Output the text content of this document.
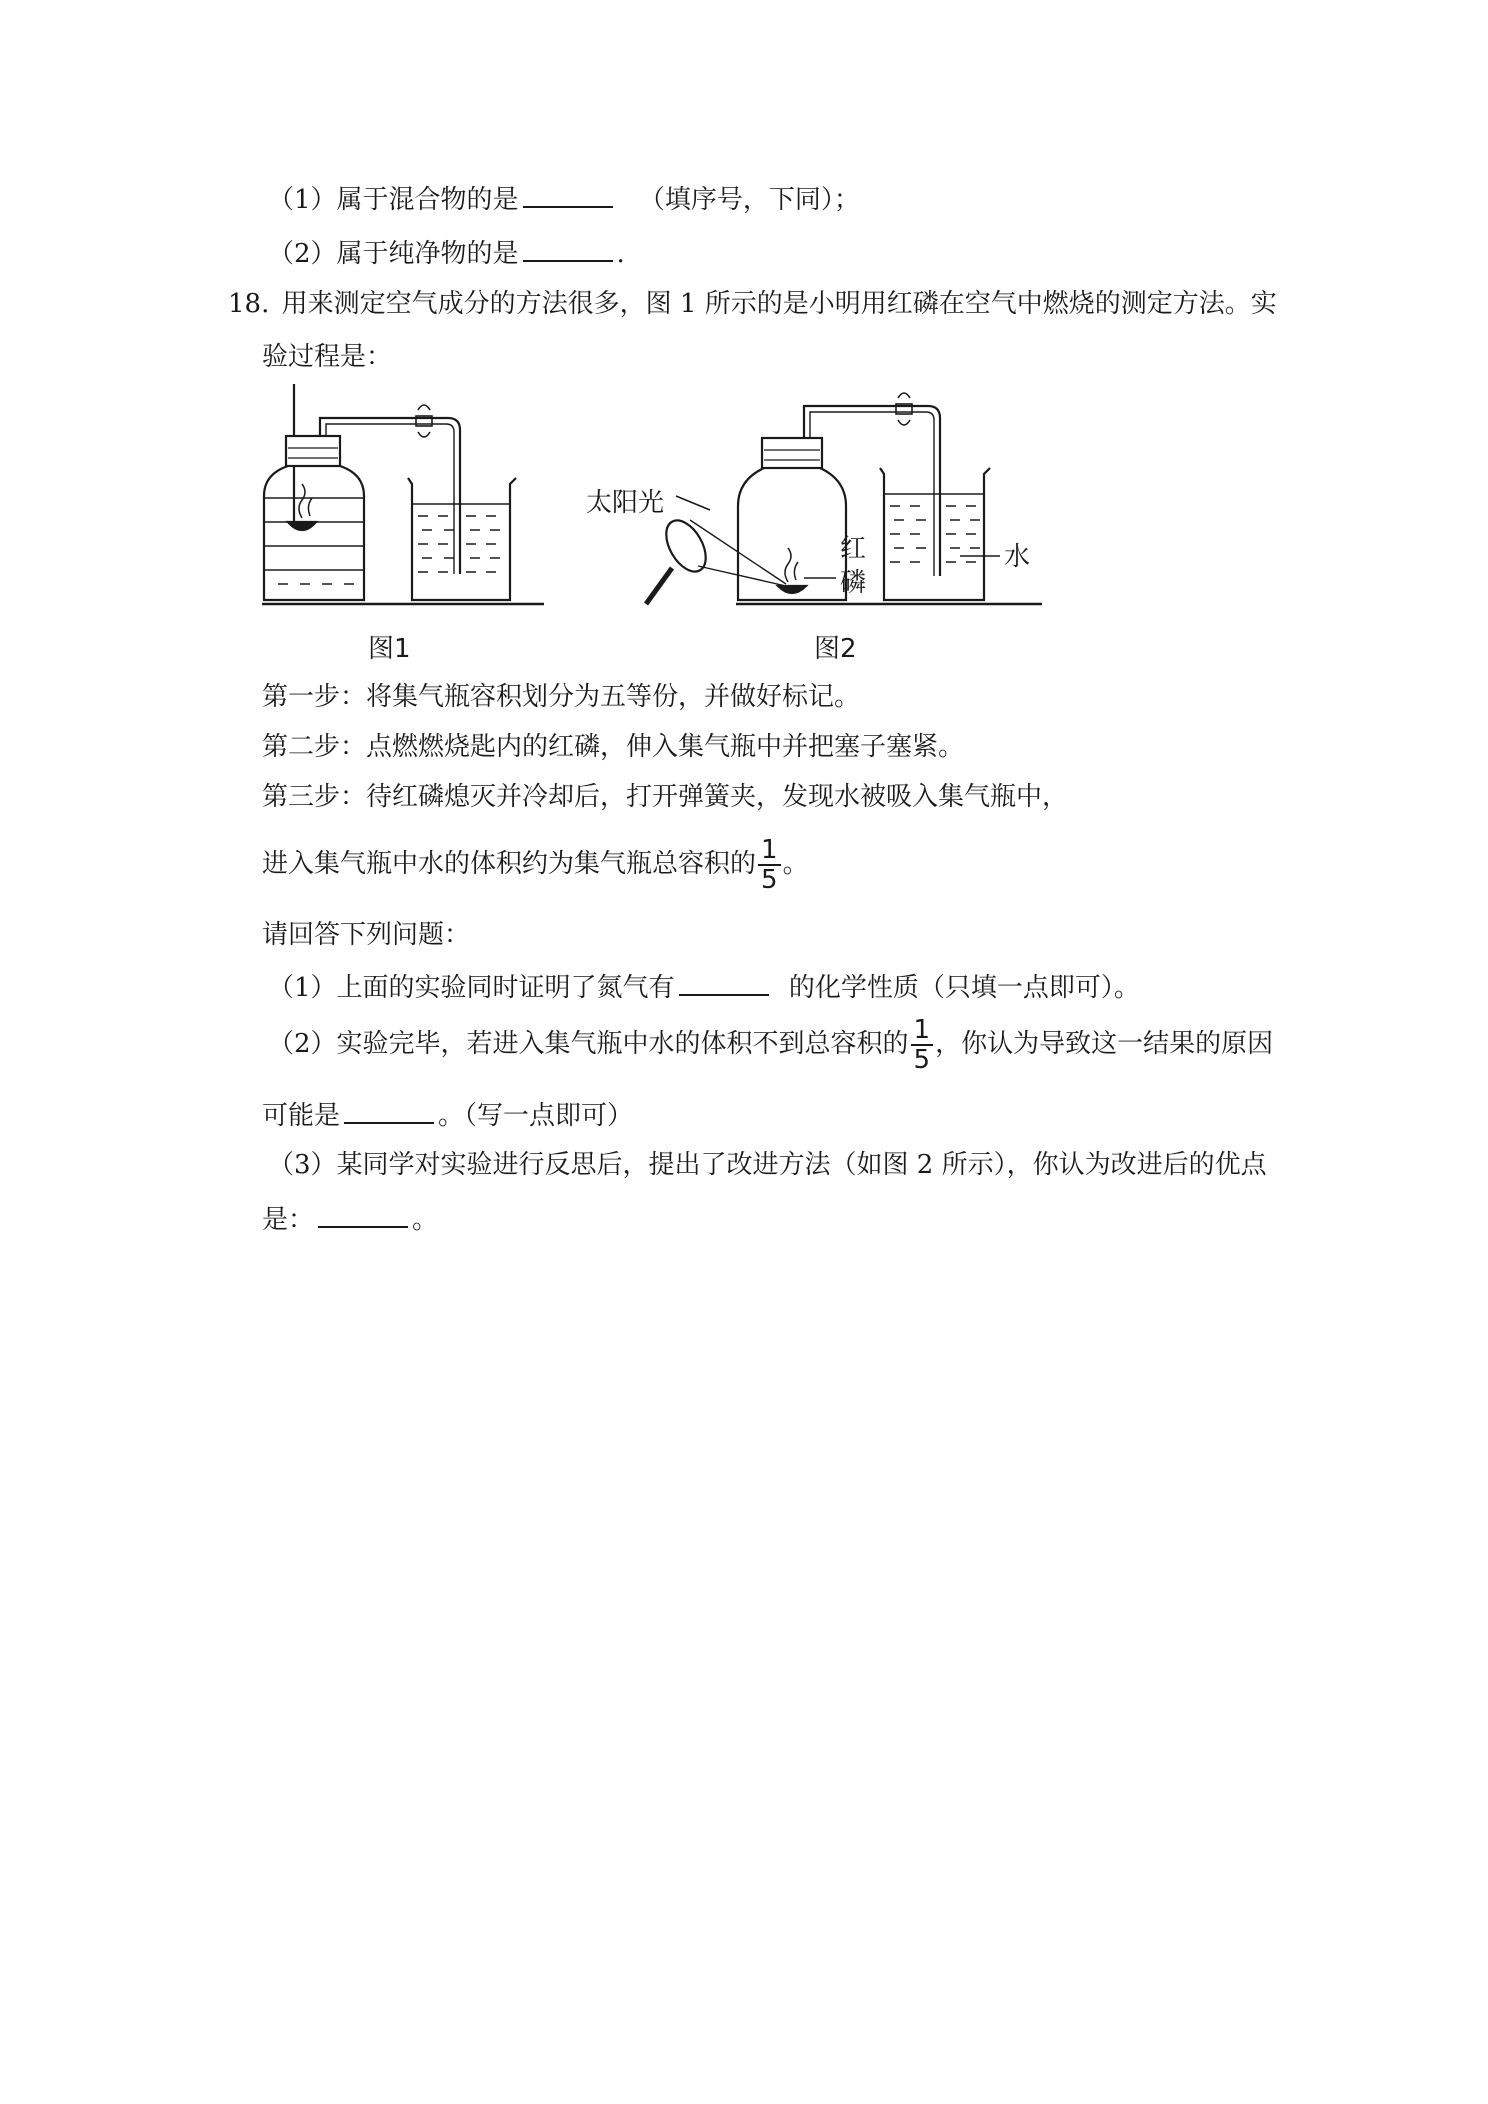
（1）属于混合物的是	（填序号，下同）；
（2）属于纯净物的是	.
18. 用来测定空气成分的方法很多，图 1 所示的是小明用红磷在空气中燃烧的测定方法。实
验过程是：
图1
太阳光
红
磷
水
图2
第一步：将集气瓶容积划分为五等份，并做好标记。
第二步：点燃燃烧匙内的红磷，伸入集气瓶中并把塞子塞紧。
第三步：待红磷熄灭并冷却后，打开弹簧夹，发现水被吸入集气瓶中，
进入集气瓶中水的体积约为集气瓶总容积的 $\frac{1}{5}$ 。
请回答下列问题：
（1）上面的实验同时证明了氮气有	的化学性质（只填一点即可）。
（2）实验完毕，若进入集气瓶中水的体积不到总容积的 $\frac{1}{5}$ ，你认为导致这一结果的原因
可能是	。（写一点即可）
（3）某同学对实验进行反思后，提出了改进方法（如图 2 所示），你认为改进后的优点
是：	。
